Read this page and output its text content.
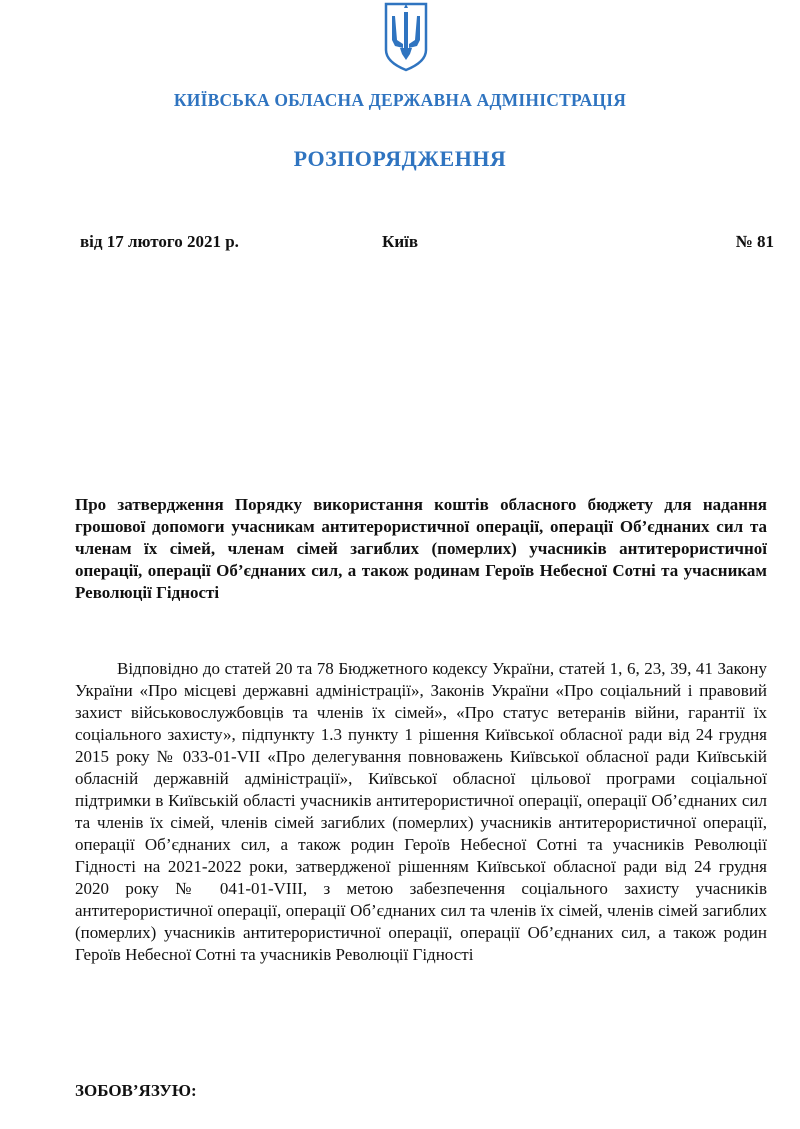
КИЇВСЬКА ОБЛАСНА ДЕРЖАВНА АДМІНІСТРАЦІЯ
РОЗПОРЯДЖЕННЯ
від 17 лютого 2021 р.	Київ	№ 81
Про затвердження Порядку використання коштів обласного бюджету для надання грошової допомоги учасникам антитерористичної операції, операції Об’єднаних сил та членам їх сімей, членам сімей загиблих (померлих) учасників антитерористичної операції, операції Об’єднаних сил, а також родинам Героїв Небесної Сотні та учасникам Революції Гідності
Відповідно до статей 20 та 78 Бюджетного кодексу України, статей 1, 6, 23, 39, 41 Закону України «Про місцеві державні адміністрації», Законів України «Про соціальний і правовий захист військовослужбовців та членів їх сімей», «Про статус ветеранів війни, гарантії їх соціального захисту», підпункту 1.3 пункту 1 рішення Київської обласної ради від 24 грудня 2015 року № 033-01-VII «Про делегування повноважень Київської обласної ради Київській обласній державній адміністрації», Київської обласної цільової програми соціальної підтримки в Київській області учасників антитерористичної операції, операції Об’єднаних сил та членів їх сімей, членів сімей загиблих (померлих) учасників антитерористичної операції, операції Об’єднаних сил, а також родин Героїв Небесної Сотні та учасників Революції Гідності на 2021-2022 роки, затвердженої рішенням Київської обласної ради від 24 грудня 2020 року № 041-01-VIII, з метою забезпечення соціального захисту учасників антитерористичної операції, операції Об’єднаних сил та членів їх сімей, членів сімей загиблих (померлих) учасників антитерористичної операції, операції Об’єднаних сил, а також родин Героїв Небесної Сотні та учасників Революції Гідності
ЗОБОВ’ЯЗУЮ:
